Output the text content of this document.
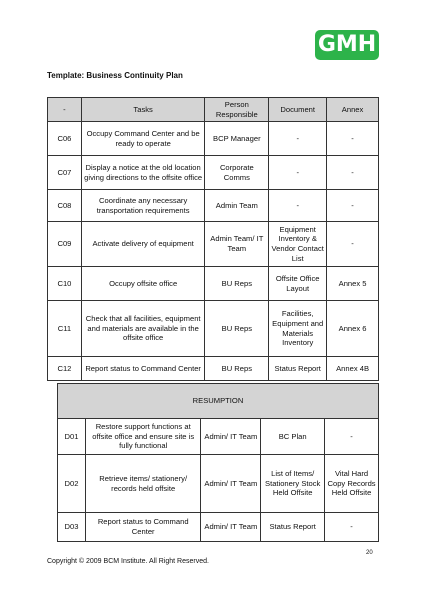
GMH
Template: Business Continuity Plan
-	Tasks	Person Responsible	Document	Annex
C06	Occupy Command Center and be ready to operate	BCP Manager	-	-
C07	Display a notice at the old location giving directions to the offsite office	Corporate Comms	-	-
C08	Coordinate any necessary transportation requirements	Admin Team	-	-
C09	Activate delivery of equipment	Admin Team/ IT Team	Equipment Inventory & Vendor Contact List	-
C10	Occupy offsite office	BU Reps	Offsite Office Layout	Annex 5
C11	Check that all facilities, equipment and materials are available in the offsite office	BU Reps	Facilities, Equipment and Materials Inventory	Annex 6
C12	Report status to Command Center	BU Reps	Status Report	Annex 4B
RESUMPTION				
D01	Restore support functions at offsite office and ensure site is fully functional	Admin/ IT Team	BC Plan	-
D02	Retrieve items/ stationery/ records held offsite	Admin/ IT Team	List of Items/ Stationery Stock Held Offsite	Vital Hard Copy Records Held Offsite
D03	Report status to Command Center	Admin/ IT Team	Status Report	-
20
Copyright © 2009 BCM Institute. All Right Reserved.
